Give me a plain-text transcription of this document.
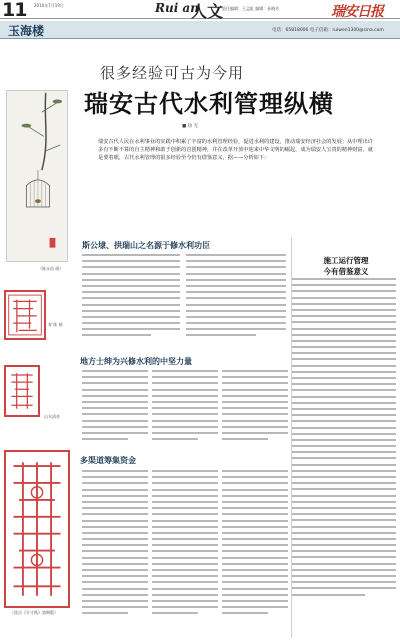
11 2010年7月19日	Rui an
人文
责任编辑：王孟虹 编辑：孙晓芳	瑞安日报
玉海楼	电话：65818006 电子信箱：ruiwen1300@sina.com
（陈永昌 画）
寿 陈 刻
山水清音
（选自《方寸秋》第期版）
很多经验可古为今用
瑞安古代水利管理纵横
■ 徐 光
瑞安古代人民在水利事业的实践中积累了丰富的水利管理经验，促进水利的建设，推动瑞安经济社会的发展；从中理出许多有不断不算的自主精神和敢于创新的首创精神，并在改革开放中迎来中华文明的崛起，成为瑞安人宝贵的精神财富。就是要着眼，古代水利管理的很多经验至今仍有借鉴意义，据——分析如下：
斯公埭、拱瑞山之名源于修水利功臣
地方士绅为兴修水利的中坚力量
多渠道筹集资金
施工运行管理
今有借鉴意义
